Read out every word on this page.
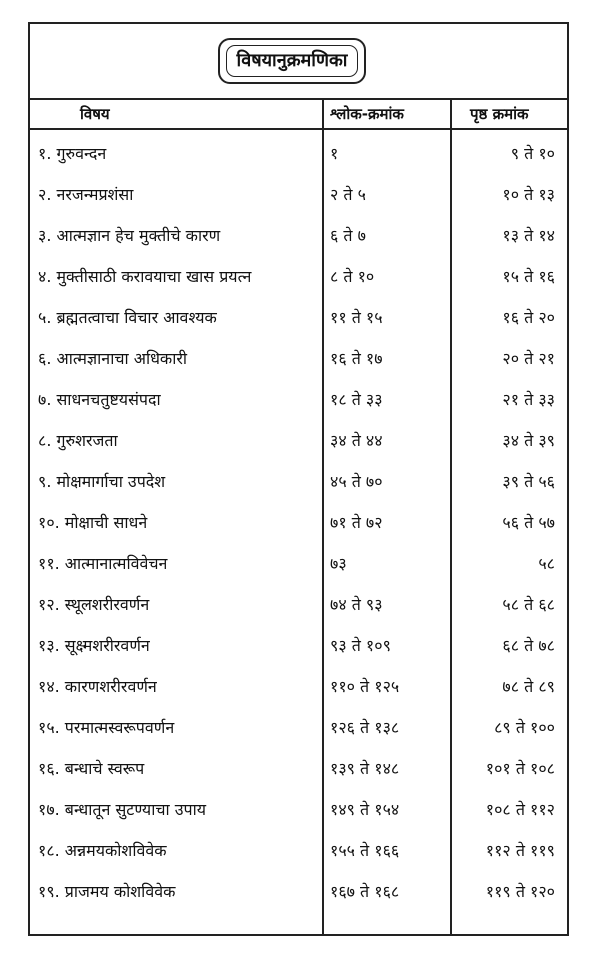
विषयानुक्रमणिका
विषय	श्लोक-क्रमांक	पृष्ठ क्रमांक
१. गुरुवन्दन	१	९ ते १०
२. नरजन्मप्रशंसा	२ ते ५	१० ते १३
३. आत्मज्ञान हेच मुक्तीचे कारण	६ ते ७	१३ ते १४
४. मुक्तीसाठी करावयाचा खास प्रयत्न	८ ते १०	१५ ते १६
५. ब्रह्मतत्वाचा विचार आवश्यक	११ ते १५	१६ ते २०
६. आत्मज्ञानाचा अधिकारी	१६ ते १७	२० ते २१
७. साधनचतुष्टयसंपदा	१८ ते ३३	२१ ते ३३
८. गुरुशरजता	३४ ते ४४	३४ ते ३९
९. मोक्षमार्गाचा उपदेश	४५ ते ७०	३९ ते ५६
१०. मोक्षाची साधने	७१ ते ७२	५६ ते ५७
११. आत्मानात्मविवेचन	७३	५८
१२. स्थूलशरीरवर्णन	७४ ते ९३	५८ ते ६८
१३. सूक्ष्मशरीरवर्णन	९३ ते १०९	६८ ते ७८
१४. कारणशरीरवर्णन	११० ते १२५	७८ ते ८९
१५. परमात्मस्वरूपवर्णन	१२६ ते १३८	८९ ते १००
१६. बन्धाचे स्वरूप	१३९ ते १४८	१०१ ते १०८
१७. बन्धातून सुटण्याचा उपाय	१४९ ते १५४	१०८ ते ११२
१८. अन्नमयकोशविवेक	१५५ ते १६६	११२ ते ११९
१९. प्राजमय कोशविवेक	१६७ ते १६८	११९ ते १२०
